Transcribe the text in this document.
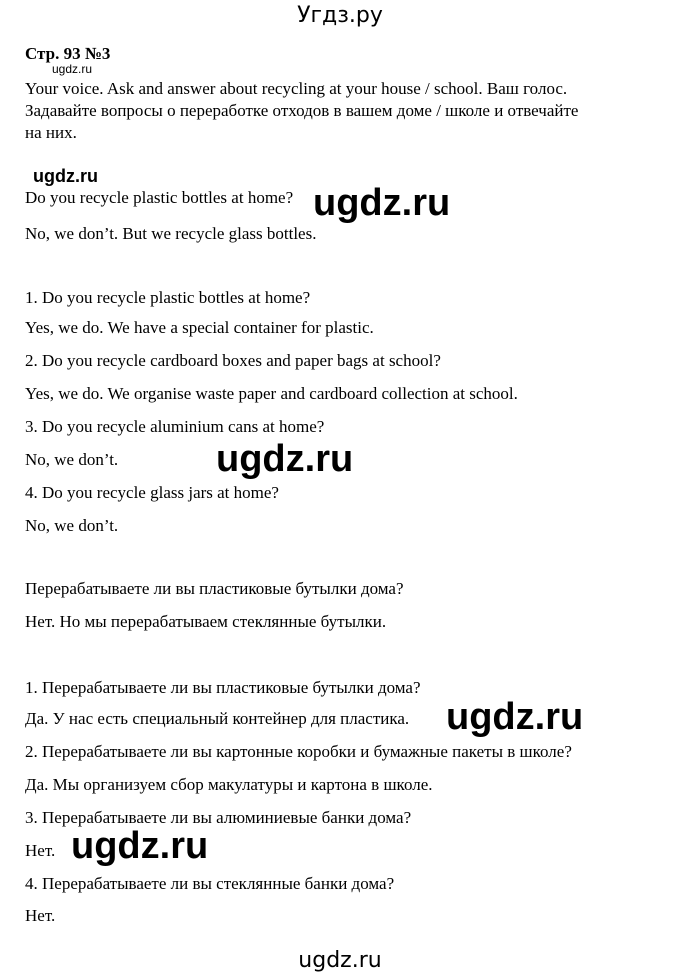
Угдз.ру
Стр. 93 №3
ugdz.ru
Your voice. Ask and answer about recycling at your house / school. Ваш голос.
Задавайте вопросы о переработке отходов в вашем доме / школе и отвечайте
на них.
ugdz.ru
Do you recycle plastic bottles at home?
No, we don’t. But we recycle glass bottles.
ugdz.ru
1. Do you recycle plastic bottles at home?
Yes, we do. We have a special container for plastic.
2. Do you recycle cardboard boxes and paper bags at school?
Yes, we do. We organise waste paper and cardboard collection at school.
3. Do you recycle aluminium cans at home?
No, we don’t.
4. Do you recycle glass jars at home?
No, we don’t.
ugdz.ru
Перерабатываете ли вы пластиковые бутылки дома?
Нет. Но мы перерабатываем стеклянные бутылки.
1. Перерабатываете ли вы пластиковые бутылки дома?
Да. У нас есть специальный контейнер для пластика.
2. Перерабатываете ли вы картонные коробки и бумажные пакеты в школе?
Да. Мы организуем сбор макулатуры и картона в школе.
3. Перерабатываете ли вы алюминиевые банки дома?
Нет.
4. Перерабатываете ли вы стеклянные банки дома?
Нет.
ugdz.ru
ugdz.ru
ugdz.ru
